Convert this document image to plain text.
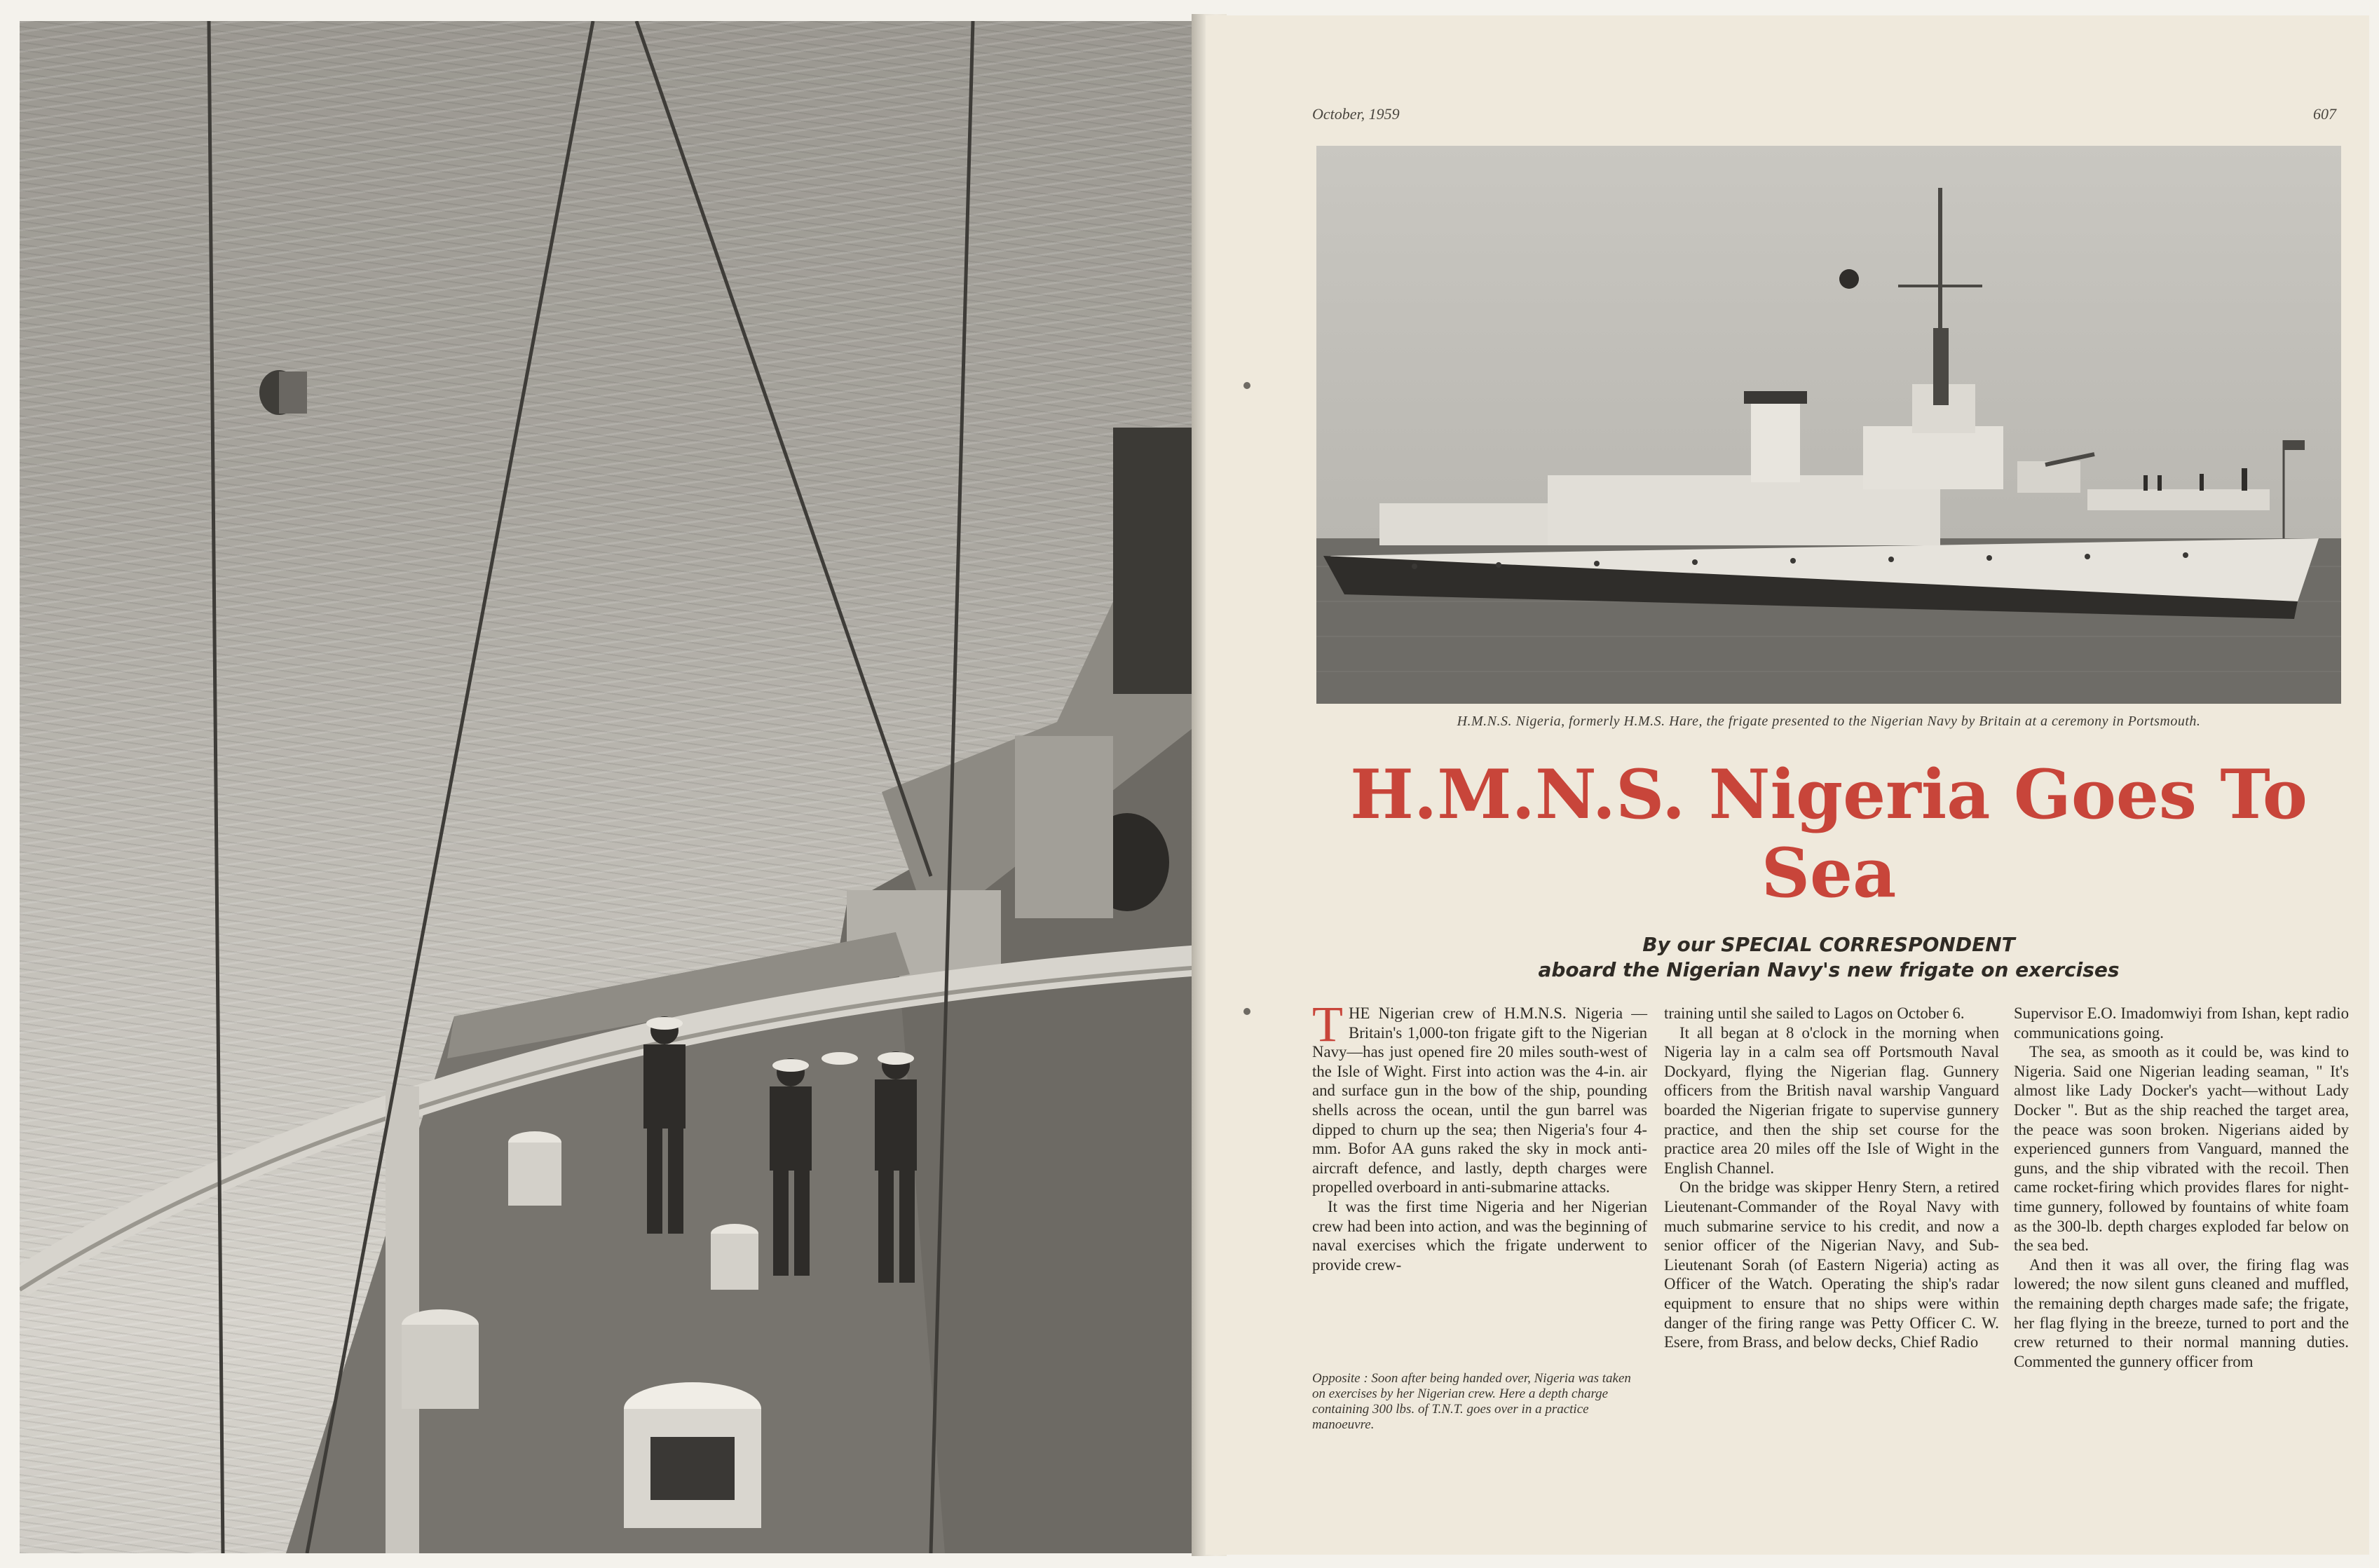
October, 1959	607
H.M.N.S. Nigeria, formerly H.M.S. Hare, the frigate presented to the Nigerian Navy by Britain at a ceremony in Portsmouth.
H.M.N.S. Nigeria Goes To
Sea
By our SPECIAL CORRESPONDENT
aboard the Nigerian Navy's new frigate on exercises

THE Nigerian crew of H.M.N.S. Nigeria —Britain's 1,000-ton frigate gift to the Nigerian Navy—has just opened fire 20 miles south-west of the Isle of Wight. First into action was the 4-in. air and surface gun in the bow of the ship, pounding shells across the ocean, until the gun barrel was dipped to churn up the sea; then Nigeria's four 4-mm. Bofor AA guns raked the sky in mock anti-aircraft defence, and lastly, depth charges were propelled overboard in anti-submarine attacks.

It was the first time Nigeria and her Nigerian crew had been into action, and was the beginning of naval exercises which the frigate underwent to provide crew-

Opposite : Soon after being handed over, Nigeria was taken on exercises by her Nigerian crew. Here a depth charge containing 300 lbs. of T.N.T. goes over in a practice manoeuvre.

training until she sailed to Lagos on October 6.

It all began at 8 o'clock in the morning when Nigeria lay in a calm sea off Portsmouth Naval Dockyard, flying the Nigerian flag. Gunnery officers from the British naval warship Vanguard boarded the Nigerian frigate to supervise gunnery practice, and then the ship set course for the practice area 20 miles off the Isle of Wight in the English Channel.

On the bridge was skipper Henry Stern, a retired Lieutenant-Commander of the Royal Navy with much submarine service to his credit, and now a senior officer of the Nigerian Navy, and Sub-Lieutenant Sorah (of Eastern Nigeria) acting as Officer of the Watch. Operating the ship's radar equipment to ensure that no ships were within danger of the firing range was Petty Officer C. W. Esere, from Brass, and below decks, Chief Radio

Supervisor E.O. Imadomwiyi from Ishan, kept radio communications going.

The sea, as smooth as it could be, was kind to Nigeria. Said one Nigerian leading seaman, " It's almost like Lady Docker's yacht—without Lady Docker ". But as the ship reached the target area, the peace was soon broken. Nigerians aided by experienced gunners from Vanguard, manned the guns, and the ship vibrated with the recoil. Then came rocket-firing which provides flares for night-time gunnery, followed by fountains of white foam as the 300-lb. depth charges exploded far below on the sea bed.

And then it was all over, the firing flag was lowered; the now silent guns cleaned and muffled, the remaining depth charges made safe; the frigate, her flag flying in the breeze, turned to port and the crew returned to their normal manning duties. Commented the gunnery officer from
